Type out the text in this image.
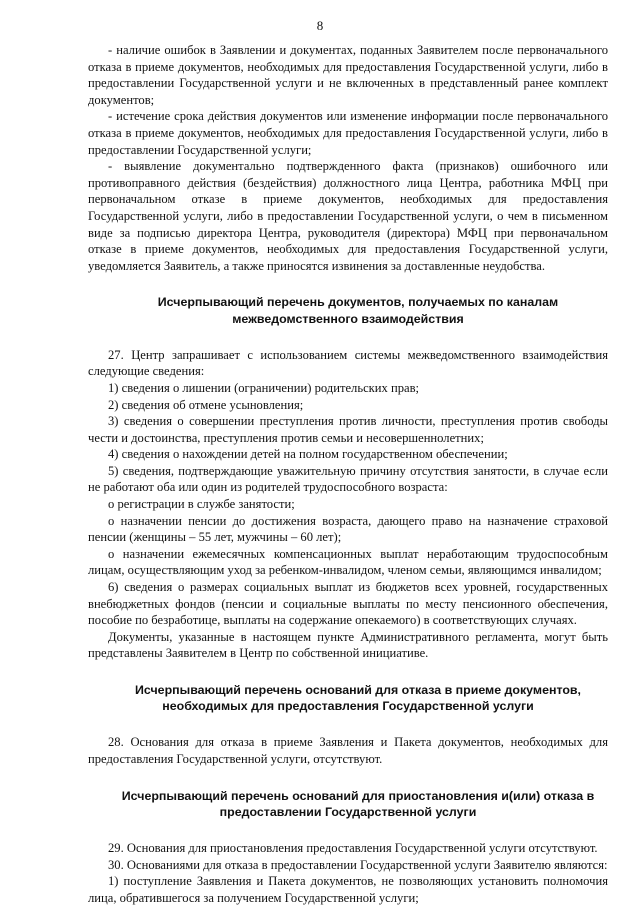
8

- наличие ошибок в Заявлении и документах, поданных Заявителем после первоначального отказа в приеме документов, необходимых для предоставления Государственной услуги, либо в предоставлении Государственной услуги и не включенных в представленный ранее комплект документов;

- истечение срока действия документов или изменение информации после первоначального отказа в приеме документов, необходимых для предоставления Государственной услуги, либо в предоставлении Государственной услуги;

- выявление документально подтвержденного факта (признаков) ошибочного или противоправного действия (бездействия) должностного лица Центра, работника МФЦ при первоначальном отказе в приеме документов, необходимых для предоставления Государственной услуги, либо в предоставлении Государственной услуги, о чем в письменном виде за подписью директора Центра, руководителя (директора) МФЦ при первоначальном отказе в приеме документов, необходимых для предоставления Государственной услуги, уведомляется Заявитель, а также приносятся извинения за доставленные неудобства.

Исчерпывающий перечень документов, получаемых по каналам межведомственного взаимодействия

27. Центр запрашивает с использованием системы межведомственного взаимодействия следующие сведения:

1) сведения о лишении (ограничении) родительских прав;

2) сведения об отмене усыновления;

3) сведения о совершении преступления против личности, преступления против свободы чести и достоинства, преступления против семьи и несовершеннолетних;

4) сведения о нахождении детей на полном государственном обеспечении;

5) сведения, подтверждающие уважительную причину отсутствия занятости, в случае если не работают оба или один из родителей трудоспособного возраста:

о регистрации в службе занятости;

о назначении пенсии до достижения возраста, дающего право на назначение страховой пенсии (женщины – 55 лет, мужчины – 60 лет);

о назначении ежемесячных компенсационных выплат неработающим трудоспособным лицам, осуществляющим уход за ребенком-инвалидом, членом семьи, являющимся инвалидом;

6) сведения о размерах социальных выплат из бюджетов всех уровней, государственных внебюджетных фондов (пенсии и социальные выплаты по месту пенсионного обеспечения, пособие по безработице, выплаты на содержание опекаемого) в соответствующих случаях.

Документы, указанные в настоящем пункте Административного регламента, могут быть представлены Заявителем в Центр по собственной инициативе.

Исчерпывающий перечень оснований для отказа в приеме документов, необходимых для предоставления Государственной услуги

28. Основания для отказа в приеме Заявления и Пакета документов, необходимых для предоставления Государственной услуги, отсутствуют.

Исчерпывающий перечень оснований для приостановления и(или) отказа в предоставлении Государственной услуги

29. Основания для приостановления предоставления Государственной услуги отсутствуют.

30. Основаниями для отказа в предоставлении Государственной услуги Заявителю являются:

1) поступление Заявления и Пакета документов, не позволяющих установить полномочия лица, обратившегося за получением Государственной услуги;
